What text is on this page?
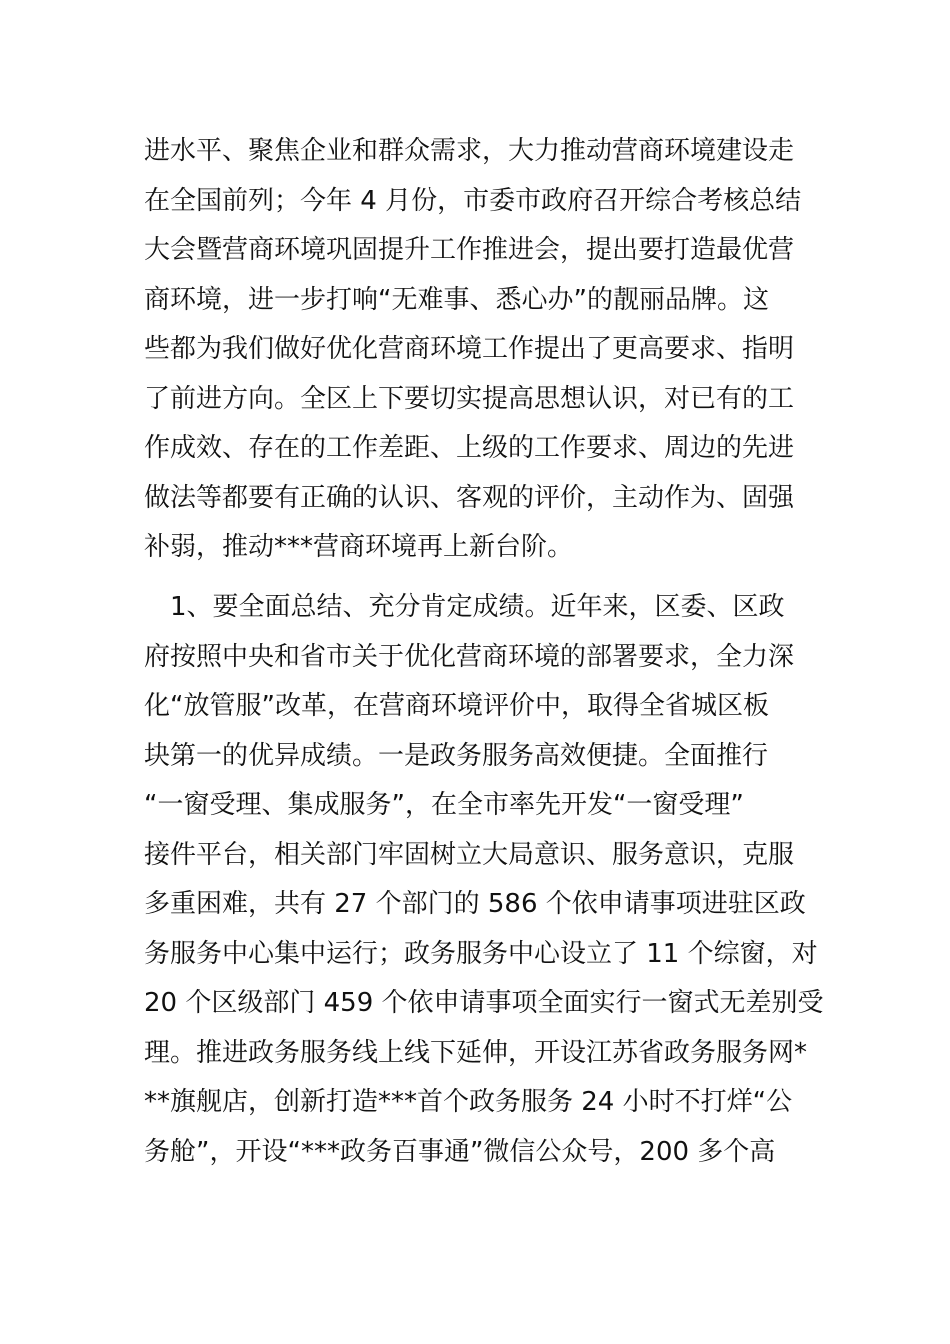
进水平、聚焦企业和群众需求，大力推动营商环境建设走
在全国前列；今年 4 月份，市委市政府召开综合考核总结
大会暨营商环境巩固提升工作推进会，提出要打造最优营
商环境，进一步打响“无难事、悉心办”的靓丽品牌。这
些都为我们做好优化营商环境工作提出了更高要求、指明
了前进方向。全区上下要切实提高思想认识，对已有的工
作成效、存在的工作差距、上级的工作要求、周边的先进
做法等都要有正确的认识、客观的评价，主动作为、固强
补弱，推动***营商环境再上新台阶。
　1、要全面总结、充分肯定成绩。近年来，区委、区政
府按照中央和省市关于优化营商环境的部署要求，全力深
化“放管服”改革，在营商环境评价中，取得全省城区板
块第一的优异成绩。一是政务服务高效便捷。全面推行
“一窗受理、集成服务”，在全市率先开发“一窗受理”
接件平台，相关部门牢固树立大局意识、服务意识，克服
多重困难，共有 27 个部门的 586 个依申请事项进驻区政
务服务中心集中运行；政务服务中心设立了 11 个综窗，对
20 个区级部门 459 个依申请事项全面实行一窗式无差别受
理。推进政务服务线上线下延伸，开设江苏省政务服务网*
**旗舰店，创新打造***首个政务服务 24 小时不打烊“公
务舱”，开设“***政务百事通”微信公众号，200 多个高
